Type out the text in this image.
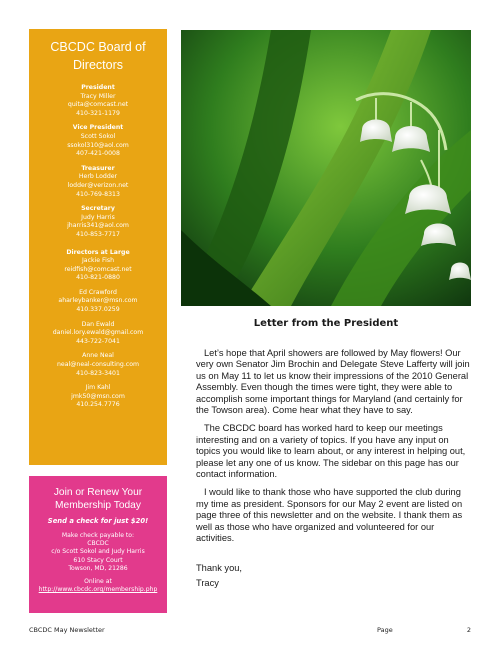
CBCDC Board of Directors
President
Tracy Miller
quita@comcast.net
410-321-1179
Vice President
Scott Sokol
ssokol310@aol.com
407-421-0008
Treasurer
Herb Lodder
lodder@verizon.net
410-769-8313
Secretary
Judy Harris
jharris341@aol.com
410-853-7717
Directors at Large
Jackie Fish
reidfish@comcast.net
410-821-0880
Ed Crawford
aharleybanker@msn.com
410.337.0259
Dan Ewald
daniel.lory.ewald@gmail.com
443-722-7041
Anne Neal
neal@neal-consulting.com
410-823-3401
Jim Kahl
jmk50@msn.com
410.254.7776
Join or Renew Your Membership Today
Send a check for just $20!
Make check payable to:
CBCDC
c/o Scott Sokol and Judy Harris
610 Stacy Court
Towson, MD, 21286
Online at http://www.cbcdc.org/membership.php
Letter from the President

Let’s hope that April showers are followed by May flowers! Our very own Senator Jim Brochin and Delegate Steve Lafferty will join us on May 11 to let us know their impressions of the 2010 General Assembly. Even though the times were tight, they were able to accomplish some important things for Maryland (and certainly for the Towson area). Come hear what they have to say.

The CBCDC board has worked hard to keep our meetings interesting and on a variety of topics. If you have any input on topics you would like to learn about, or any interest in helping out, please let any one of us know. The sidebar on this page has our contact information.

I would like to thank those who have supported the club during my time as president. Sponsors for our May 2 event are listed on page three of this newsletter and on the website. I thank them as well as those who have organized and volunteered for our activities.

Thank you,
Tracy
CBCDC May Newsletter	Page	2
